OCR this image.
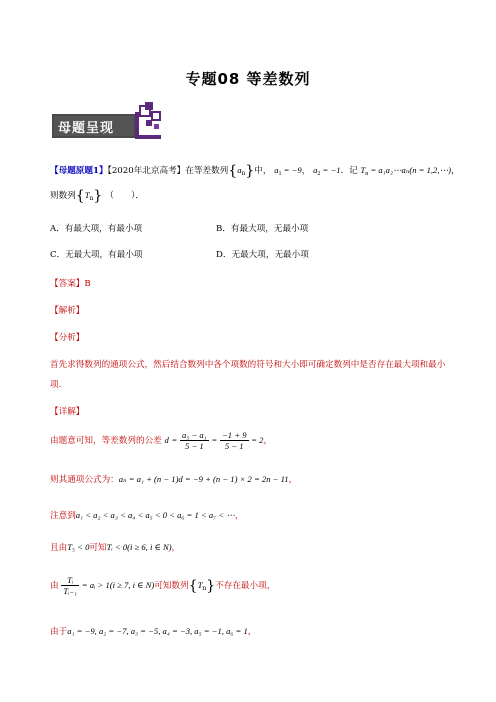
专题08 等差数列
母题呈现
【母题原题1】【2020年北京高考】在等差数列$\{a_n\}$中， $a_1 = -9$， $a_2 = -1$．记 $T_n$ = a₁a₂⋯aₙ(n = 1,2,⋯)，
则数列$\{T_n\}$ （　　）．
A．有最大项，有最小项	B．有最大项，无最小项
C．无最大项，有最小项	D．无最大项，无最小项
【答案】B
【解析】
【分析】
首先求得数列的通项公式，然后结合数列中各个项数的符号和大小即可确定数列中是否存在最大项和最小
项.
【详解】
由题意可知，等差数列的公差 $d = \frac{\text{a₅ − a₁}}{5 - 1} = \frac{-1 + 9}{5 - 1} = 2$，
则其通项公式为：aₙ = a₁ + (n − 1)d = −9 + (n − 1) × 2 = 2n − 11，
注意到a₁ < a₂ < a₃ < a₄ < a₅ < 0 < a₆ = 1 < a₇ < ⋯，
且由T₅ < 0可知Tᵢ < 0(i ≥ 6, i ∈ N)，
由 $\frac{\text{Tᵢ}}{\text{Tᵢ₋₁}}$ = aᵢ > 1(i ≥ 7, i ∈ N)可知数列$\{T_n\}$不存在最小项，
由于a₁ = −9, a₂ = −7, a₃ = −5, a₄ = −3, a₅ = −1, a₆ = 1，
